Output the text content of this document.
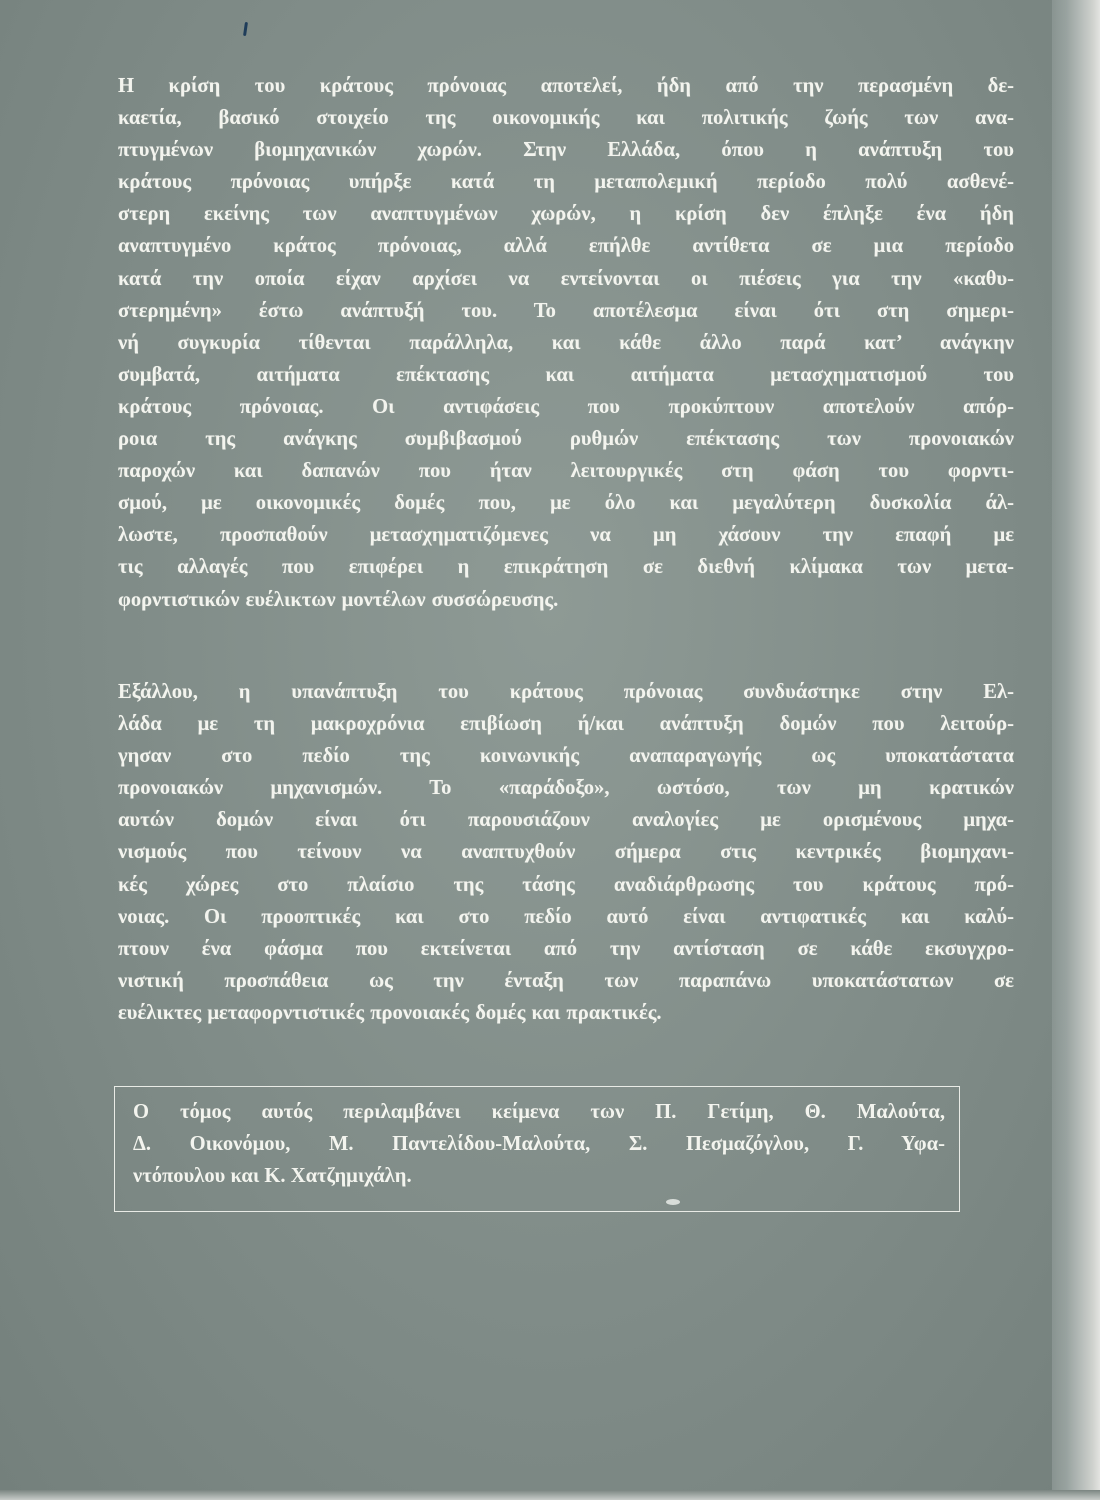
Η κρίση του κράτους πρόνοιας αποτελεί, ήδη από την περασμένη δε-
καετία, βασικό στοιχείο της οικονομικής και πολιτικής ζωής των ανα-
πτυγμένων βιομηχανικών χωρών. Στην Ελλάδα, όπου η ανάπτυξη του
κράτους πρόνοιας υπήρξε κατά τη μεταπολεμική περίοδο πολύ ασθενέ-
στερη εκείνης των αναπτυγμένων χωρών, η κρίση δεν έπληξε ένα ήδη
αναπτυγμένο κράτος πρόνοιας, αλλά επήλθε αντίθετα σε μια περίοδο
κατά την οποία είχαν αρχίσει να εντείνονται οι πιέσεις για την «καθυ-
στερημένη» έστω ανάπτυξή του. Το αποτέλεσμα είναι ότι στη σημερι-
νή συγκυρία τίθενται παράλληλα, και κάθε άλλο παρά κατ’ ανάγκην
συμβατά, αιτήματα επέκτασης και αιτήματα μετασχηματισμού του
κράτους πρόνοιας. Οι αντιφάσεις που προκύπτουν αποτελούν απόρ-
ροια της ανάγκης συμβιβασμού ρυθμών επέκτασης των προνοιακών
παροχών και δαπανών που ήταν λειτουργικές στη φάση του φορντι-
σμού, με οικονομικές δομές που, με όλο και μεγαλύτερη δυσκολία άλ-
λωστε, προσπαθούν μετασχηματιζόμενες να μη χάσουν την επαφή με
τις αλλαγές που επιφέρει η επικράτηση σε διεθνή κλίμακα των μετα-
φορντιστικών ευέλικτων μοντέλων συσσώρευσης.
Εξάλλου, η υπανάπτυξη του κράτους πρόνοιας συνδυάστηκε στην Ελ-
λάδα με τη μακροχρόνια επιβίωση ή/και ανάπτυξη δομών που λειτούρ-
γησαν στο πεδίο της κοινωνικής αναπαραγωγής ως υποκατάστατα
προνοιακών μηχανισμών. Το «παράδοξο», ωστόσο, των μη κρατικών
αυτών δομών είναι ότι παρουσιάζουν αναλογίες με ορισμένους μηχα-
νισμούς που τείνουν να αναπτυχθούν σήμερα στις κεντρικές βιομηχανι-
κές χώρες στο πλαίσιο της τάσης αναδιάρθρωσης του κράτους πρό-
νοιας. Οι προοπτικές και στο πεδίο αυτό είναι αντιφατικές και καλύ-
πτουν ένα φάσμα που εκτείνεται από την αντίσταση σε κάθε εκσυγχρο-
νιστική προσπάθεια ως την ένταξη των παραπάνω υποκατάστατων σε
ευέλικτες μεταφορντιστικές προνοιακές δομές και πρακτικές.
Ο τόμος αυτός περιλαμβάνει κείμενα των Π. Γετίμη, Θ. Μαλούτα,
Δ. Οικονόμου, Μ. Παντελίδου-Μαλούτα, Σ. Πεσμαζόγλου, Γ. Υφα-
ντόπουλου και Κ. Χατζημιχάλη.
